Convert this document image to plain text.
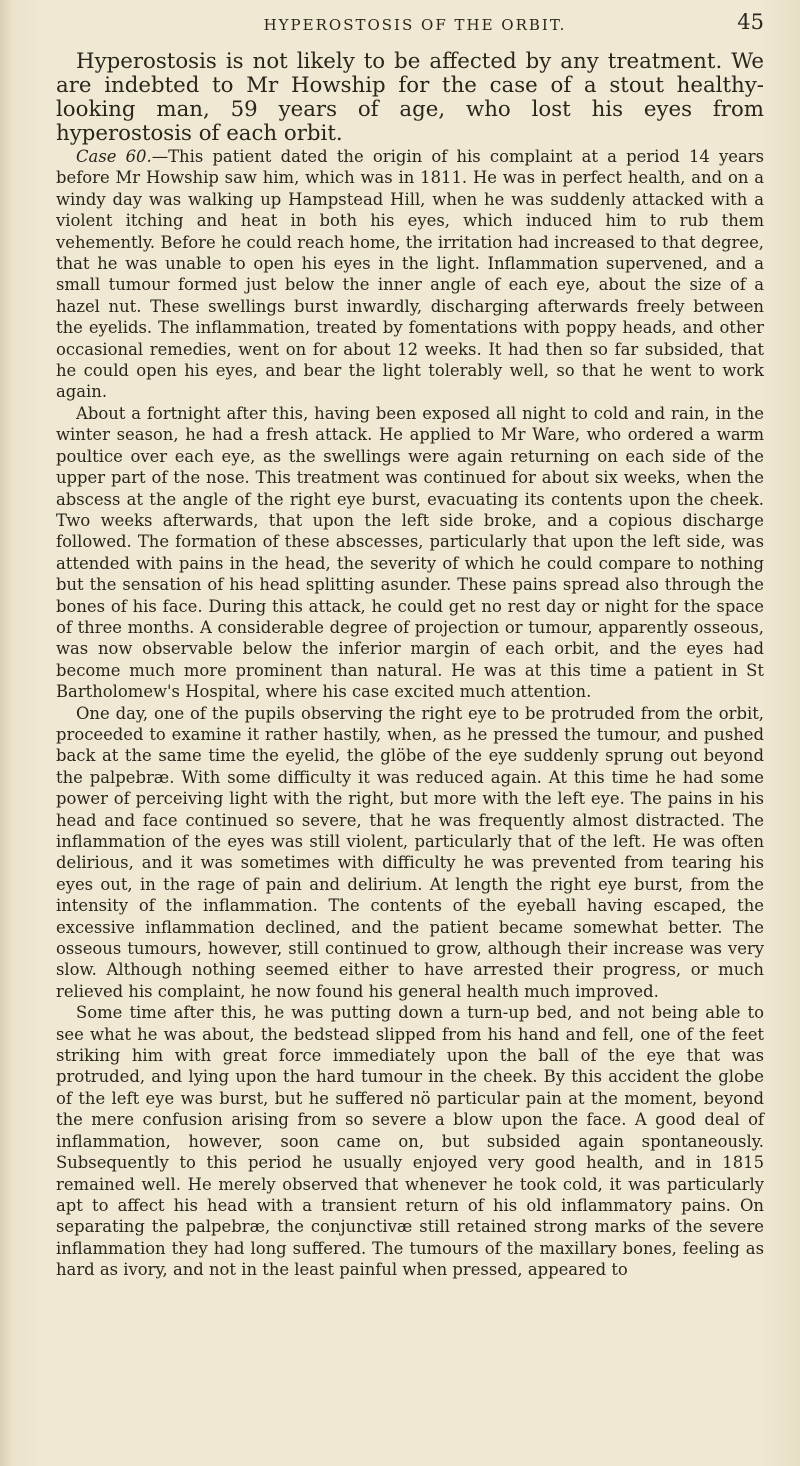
HYPEROSTOSIS OF THE ORBIT.	45

Hyperostosis is not likely to be affected by any treatment. We are indebted to Mr Howship for the case of a stout healthy-looking man, 59 years of age, who lost his eyes from hyperostosis of each orbit.

Case 60.—This patient dated the origin of his complaint at a period 14 years before Mr Howship saw him, which was in 1811. He was in perfect health, and on a windy day was walking up Hampstead Hill, when he was suddenly attacked with a violent itching and heat in both his eyes, which induced him to rub them vehemently. Before he could reach home, the irritation had increased to that degree, that he was unable to open his eyes in the light. Inflammation supervened, and a small tumour formed just below the inner angle of each eye, about the size of a hazel nut. These swellings burst inwardly, discharging afterwards freely between the eyelids. The inflammation, treated by fomentations with poppy heads, and other occasional remedies, went on for about 12 weeks. It had then so far subsided, that he could open his eyes, and bear the light tolerably well, so that he went to work again.

About a fortnight after this, having been exposed all night to cold and rain, in the winter season, he had a fresh attack. He applied to Mr Ware, who ordered a warm poultice over each eye, as the swellings were again returning on each side of the upper part of the nose. This treatment was continued for about six weeks, when the abscess at the angle of the right eye burst, evacuating its contents upon the cheek. Two weeks afterwards, that upon the left side broke, and a copious discharge followed. The formation of these abscesses, particularly that upon the left side, was attended with pains in the head, the severity of which he could compare to nothing but the sensation of his head splitting asunder. These pains spread also through the bones of his face. During this attack, he could get no rest day or night for the space of three months. A considerable degree of projection or tumour, apparently osseous, was now observable below the inferior margin of each orbit, and the eyes had become much more prominent than natural. He was at this time a patient in St Bartholomew's Hospital, where his case excited much attention.

One day, one of the pupils observing the right eye to be protruded from the orbit, proceeded to examine it rather hastily, when, as he pressed the tumour, and pushed back at the same time the eyelid, the glöbe of the eye suddenly sprung out beyond the palpebræ. With some difficulty it was reduced again. At this time he had some power of perceiving light with the right, but more with the left eye. The pains in his head and face continued so severe, that he was frequently almost distracted. The inflammation of the eyes was still violent, particularly that of the left. He was often delirious, and it was sometimes with difficulty he was prevented from tearing his eyes out, in the rage of pain and delirium. At length the right eye burst, from the intensity of the inflammation. The contents of the eyeball having escaped, the excessive inflammation declined, and the patient became somewhat better. The osseous tumours, however, still continued to grow, although their increase was very slow. Although nothing seemed either to have arrested their progress, or much relieved his complaint, he now found his general health much improved.

Some time after this, he was putting down a turn-up bed, and not being able to see what he was about, the bedstead slipped from his hand and fell, one of the feet striking him with great force immediately upon the ball of the eye that was protruded, and lying upon the hard tumour in the cheek. By this accident the globe of the left eye was burst, but he suffered nö particular pain at the moment, beyond the mere confusion arising from so severe a blow upon the face. A good deal of inflammation, however, soon came on, but subsided again spontaneously. Subsequently to this period he usually enjoyed very good health, and in 1815 remained well. He merely observed that whenever he took cold, it was particularly apt to affect his head with a transient return of his old inflammatory pains. On separating the palpebræ, the conjunctivæ still retained strong marks of the severe inflammation they had long suffered. The tumours of the maxillary bones, feeling as hard as ivory, and not in the least painful when pressed, appeared to
